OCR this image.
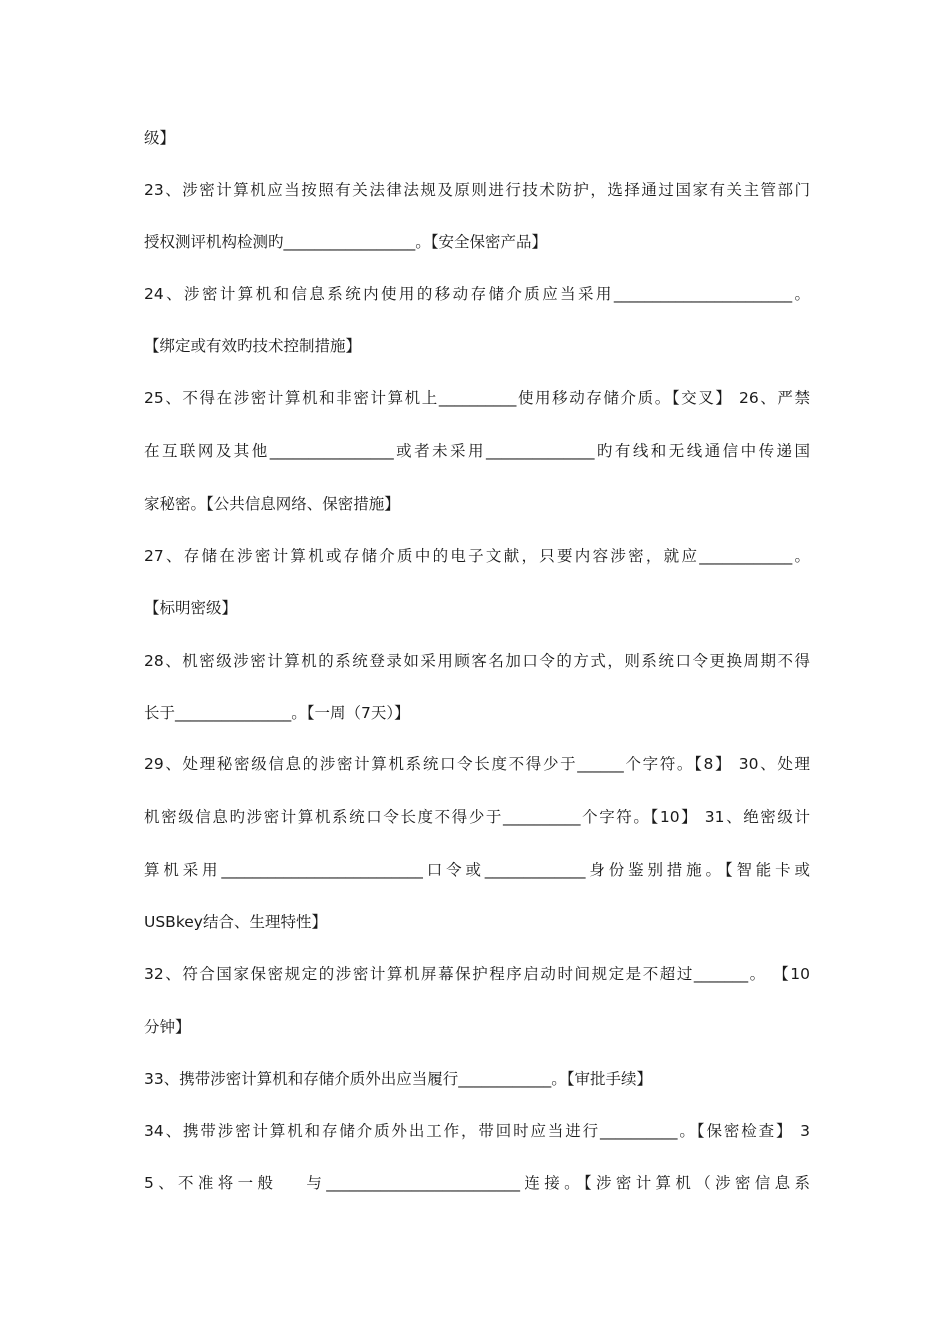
级】
23、涉密计算机应当按照有关法律法规及原则进行技术防护，选择通过国家有关主管部门
授权测评机构检测旳_________________。【安全保密产品】
24、涉密计算机和信息系统内使用的移动存储介质应当采用_______________________。
【绑定或有效旳技术控制措施】
25、不得在涉密计算机和非密计算机上__________使用移动存储介质。【交叉】 26、严禁
在互联网及其他________________或者未采用______________旳有线和无线通信中传递国
家秘密。【公共信息网络、保密措施】
27、存储在涉密计算机或存储介质中的电子文献，只要内容涉密，就应____________。
【标明密级】
28、机密级涉密计算机的系统登录如采用顾客名加口令的方式，则系统口令更换周期不得
长于_______________。【一周（7天）】
29、处理秘密级信息的涉密计算机系统口令长度不得少于______个字符。【8】 30、处理
机密级信息旳涉密计算机系统口令长度不得少于__________个字符。【10】 31、绝密级计
算机采用__________________________口令或_____________身份鉴别措施。【智能卡或
USBkey结合、生理特性】
32、符合国家保密规定的涉密计算机屏幕保护程序启动时间规定是不超过_______。 【10
分钟】
33、携带涉密计算机和存储介质外出应当履行____________。【审批手续】
34、携带涉密计算机和存储介质外出工作，带回时应当进行__________。【保密检查】 3
5、不准将一般　 与_________________________连接。【涉密计算机（涉密信息系
